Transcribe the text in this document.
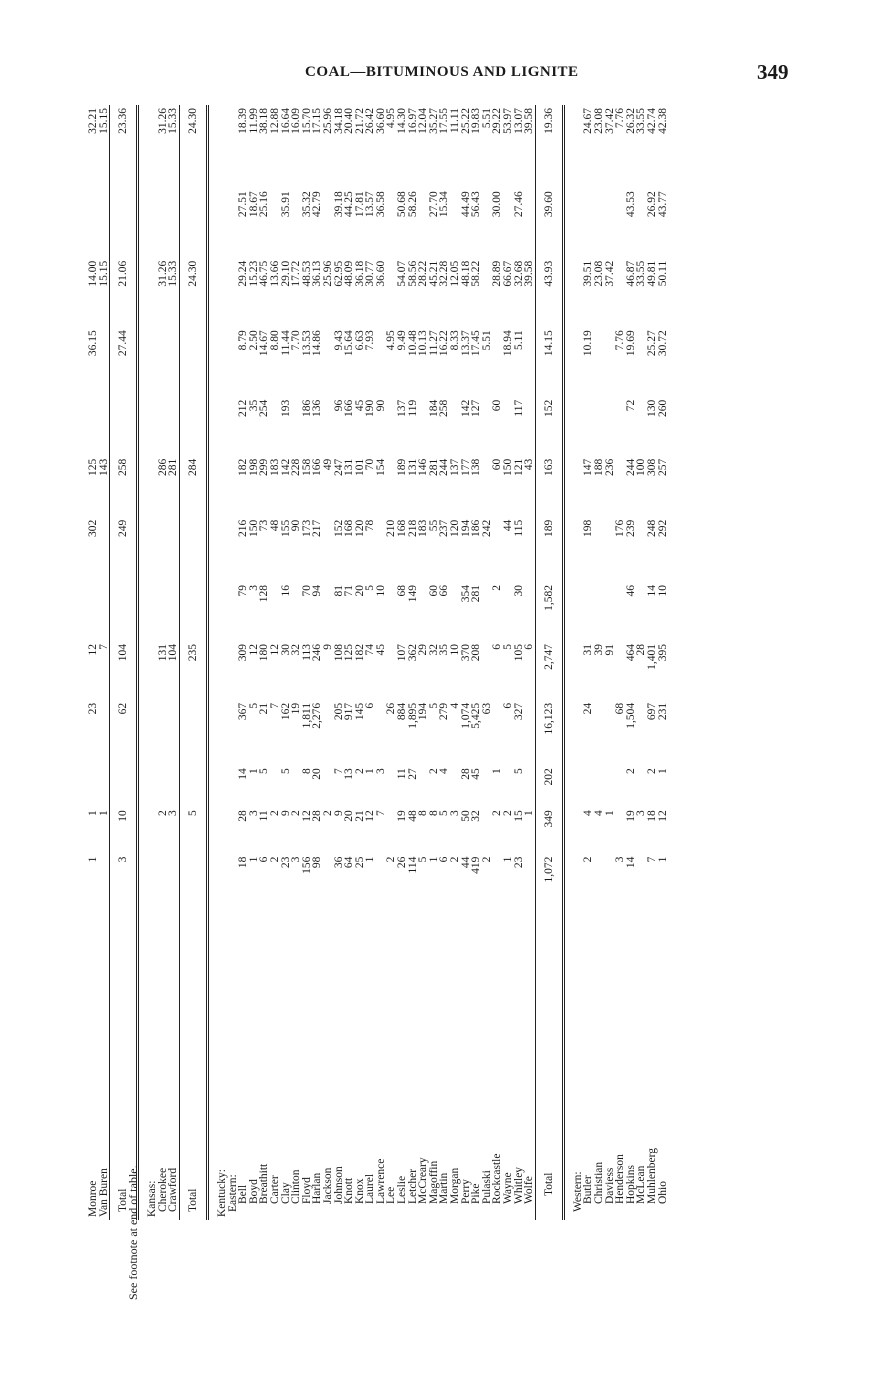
COAL—BITUMINOUS AND LIGNITE	349
Monroe	1	1		23	12		302	125		36.15	14.00		32.21
Van Buren		1			7			143			15.15		15.15
Total	3	10		62	104		249	258		27.44	21.06		23.36

Kansas:													
Cherokee		2			131			286			31.26		31.26
Crawford		3			104			281			15.33		15.33
Total		5			235			284			24.30		24.30

Kentucky:													
Eastern:													
Bell	18	28	14	367	309	79	216	182	212	8.79	29.24	27.51	18.39
Boyd	1	3	1	5	12	3	150	198	35	2.50	15.23	18.67	11.99
Breathitt	6	11	5	21	180	128	73	299	254	14.67	46.75	25.16	38.18
Carter	2	2		7	12		48	183		8.80	13.66		12.88
Clay	23	9	5	162	30	16	155	142	193	11.44	29.10	35.91	16.64
Clinton	3	2		19	32		90	228		7.70	17.72		16.09
Floyd	156	12	8	1,811	113	70	173	158	186	13.53	48.53	35.32	15.70
Harlan	98	28	20	2,276	246	94	217	166	136	14.86	36.13	42.79	17.15
Jackson		2			9			49			25.96		25.96
Johnson	36	9	7	205	108	81	152	247	96	9.43	62.95	39.18	34.18
Knott	64	20	13	917	125	71	168	131	166	15.64	48.09	44.25	20.40
Knox	25	21	2	145	182	20	120	101	45	6.63	36.18	17.81	21.72
Laurel	1	12	1	6	74	5	78	70	190	7.93	30.77	13.57	26.42
Lawrence		7	3		45	10		154	90		36.60	36.58	36.60
Lee	2			26			210			4.95			4.95
Leslie	26	19	11	884	107	68	168	189	137	9.49	54.07	50.68	14.30
Letcher	114	48	27	1,895	362	149	218	131	119	10.48	58.56	58.26	16.97
McCreary	5	8		194	29		183	146		10.13	28.22		12.04
Magoffin	1	8	2	5	32	60	55	281	184	11.27	45.21	27.70	35.27
Martin	6	5	4	279	35	66	237	244	258	16.22	32.28	15.34	17.55
Morgan	2	3		4	10		120	137		8.33	12.05		11.11
Perry	44	50	28	1,074	370	354	194	177	142	13.37	48.18	44.49	25.22
Pike	419	32	45	5,425	208	281	186	138	127	17.45	58.22	56.43	19.83
Pulaski	2			63			242			5.51			5.51
Rockcastle		2	1		6	2		60	60		28.89	30.00	29.22
Wayne	1	2		6	5		44	150		18.94	66.67		53.97
Whitley	23	15	5	327	105	30	115	121	117	5.11	32.68	27.46	13.07
Wolfe		1			6			43			39.58		39.58
Total	1,072	349	202	16,123	2,747	1,582	189	163	152	14.15	43.93	39.60	19.36

Western:													
Butler	2	4		24	31		198	147		10.19	39.51		24.67
Christian		4			39			188			23.08		23.08
Daviess		1			91			236			37.42		37.42
Henderson	3			68			176			7.76			7.76
Hopkins	14	19	2	1,504	464	46	239	244	72	19.69	46.87	43.53	26.32
McLean		3			28			100			33.55		33.55
Muhlenberg	7	18	2	697	1,401	14	248	308	130	25.27	49.81	26.92	42.74
Ohio	1	12	1	231	395	10	292	257	260	30.72	50.11	43.77	42.38
See footnote at end of table.
